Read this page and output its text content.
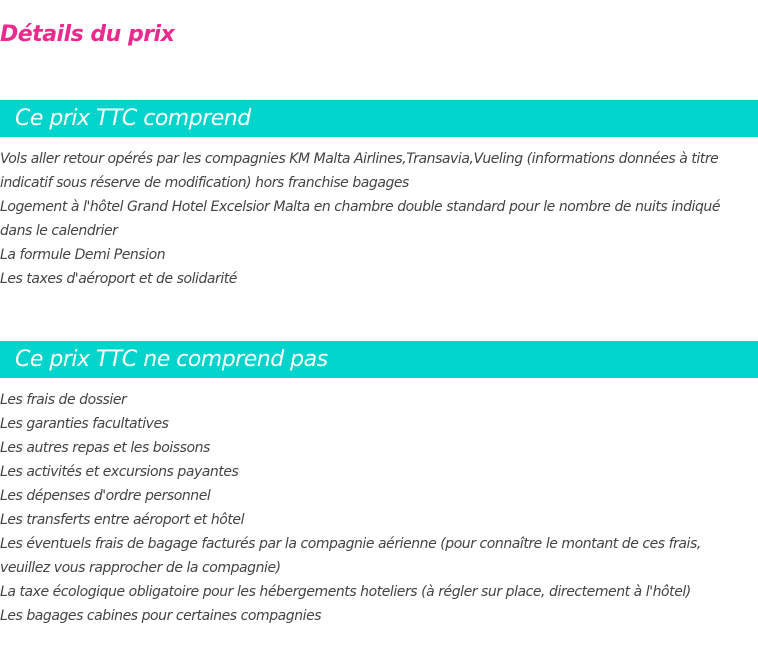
Détails du prix
Ce prix TTC comprend
Vols aller retour opérés par les compagnies KM Malta Airlines,Transavia,Vueling (informations données à titre indicatif sous réserve de modification) hors franchise bagages
Logement à l'hôtel Grand Hotel Excelsior Malta en chambre double standard pour le nombre de nuits indiqué dans le calendrier
La formule Demi Pension
Les taxes d'aéroport et de solidarité
Ce prix TTC ne comprend pas
Les frais de dossier
Les garanties facultatives
Les autres repas et les boissons
Les activités et excursions payantes
Les dépenses d'ordre personnel
Les transferts entre aéroport et hôtel
Les éventuels frais de bagage facturés par la compagnie aérienne (pour connaître le montant de ces frais, veuillez vous rapprocher de la compagnie)
La taxe écologique obligatoire pour les hébergements hoteliers (à régler sur place, directement à l'hôtel)
Les bagages cabines pour certaines compagnies
